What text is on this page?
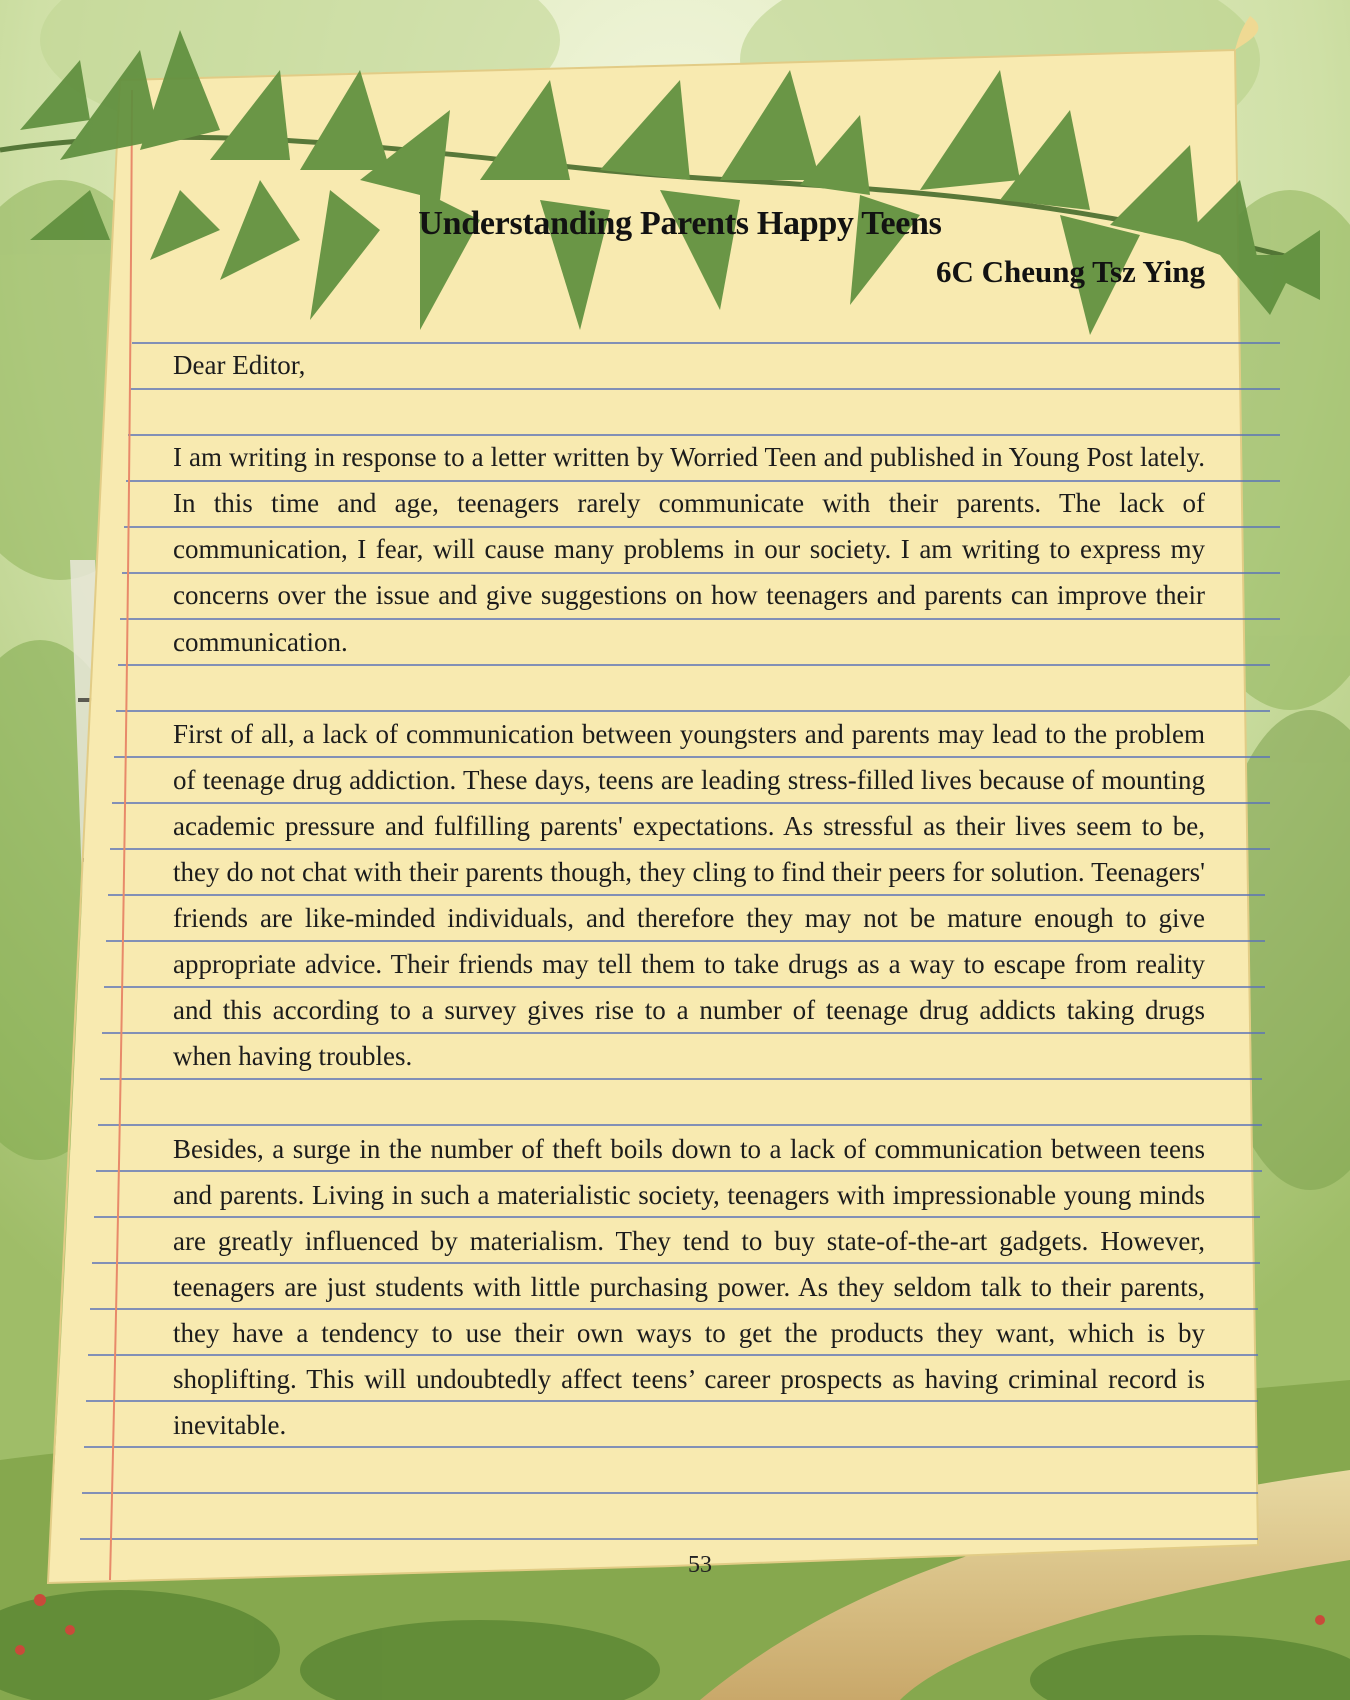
Understanding Parents Happy Teens
6C Cheung Tsz Ying

Dear Editor,

I am writing in response to a letter written by Worried Teen and published in Young Post lately. In this time and age, teenagers rarely communicate with their parents. The lack of communication, I fear, will cause many problems in our society. I am writing to express my concerns over the issue and give suggestions on how teenagers and parents can improve their communication.

First of all, a lack of communication between youngsters and parents may lead to the problem of teenage drug addiction. These days, teens are leading stress-filled lives because of mounting academic pressure and fulfilling parents' expectations. As stressful as their lives seem to be, they do not chat with their parents though, they cling to find their peers for solution. Teenagers' friends are like-minded individuals, and therefore they may not be mature enough to give appropriate advice. Their friends may tell them to take drugs as a way to escape from reality and this according to a survey gives rise to a number of teenage drug addicts taking drugs when having troubles.

Besides, a surge in the number of theft boils down to a lack of communication between teens and parents. Living in such a materialistic society, teenagers with impressionable young minds are greatly influenced by materialism. They tend to buy state-of-the-art gadgets. However, teenagers are just students with little purchasing power. As they seldom talk to their parents, they have a tendency to use their own ways to get the products they want, which is by shoplifting. This will undoubtedly affect teens’ career prospects as having criminal record is inevitable.

53
